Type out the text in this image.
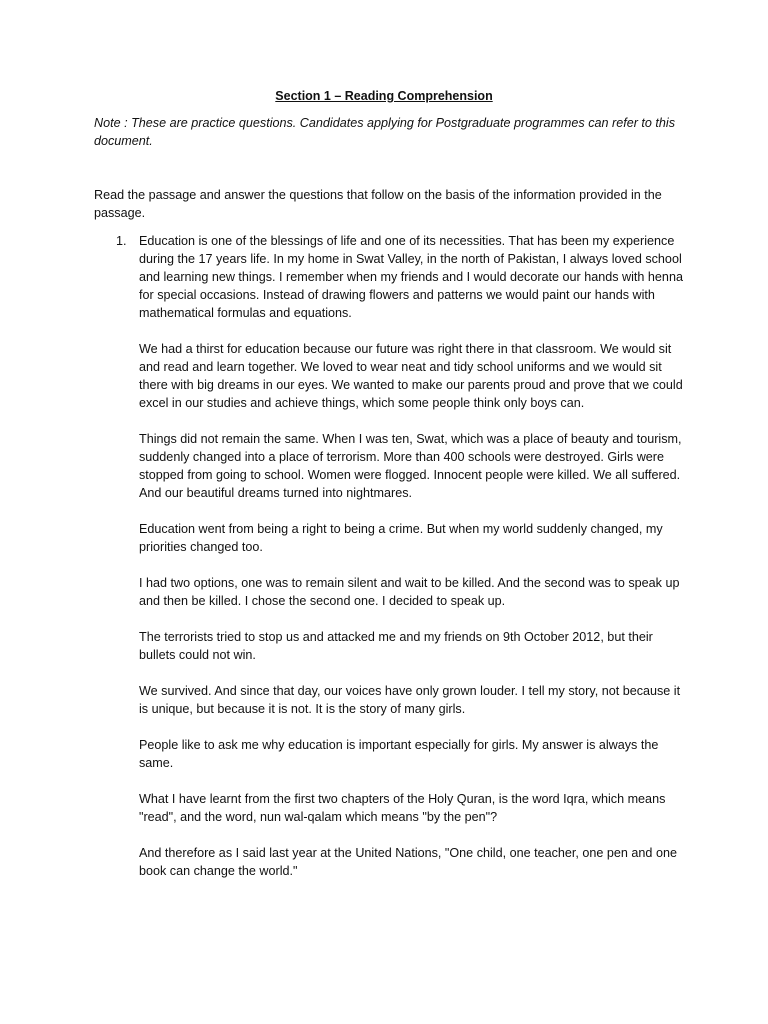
Section 1 – Reading Comprehension
Note : These are practice questions. Candidates applying for Postgraduate programmes can refer to this document.
Read the passage and answer the questions that follow on the basis of the information provided in the passage.
1. Education is one of the blessings of life and one of its necessities. That has been my experience during the 17 years life. In my home in Swat Valley, in the north of Pakistan, I always loved school and learning new things. I remember when my friends and I would decorate our hands with henna for special occasions. Instead of drawing flowers and patterns we would paint our hands with mathematical formulas and equations.

We had a thirst for education because our future was right there in that classroom. We would sit and read and learn together. We loved to wear neat and tidy school uniforms and we would sit there with big dreams in our eyes. We wanted to make our parents proud and prove that we could excel in our studies and achieve things, which some people think only boys can.

Things did not remain the same. When I was ten, Swat, which was a place of beauty and tourism, suddenly changed into a place of terrorism. More than 400 schools were destroyed. Girls were stopped from going to school. Women were flogged. Innocent people were killed. We all suffered. And our beautiful dreams turned into nightmares.

Education went from being a right to being a crime. But when my world suddenly changed, my priorities changed too.

I had two options, one was to remain silent and wait to be killed. And the second was to speak up and then be killed. I chose the second one. I decided to speak up.

The terrorists tried to stop us and attacked me and my friends on 9th October 2012, but their bullets could not win.

We survived. And since that day, our voices have only grown louder. I tell my story, not because it is unique, but because it is not. It is the story of many girls.

People like to ask me why education is important especially for girls. My answer is always the same.

What I have learnt from the first two chapters of the Holy Quran, is the word Iqra, which means "read", and the word, nun wal-qalam which means "by the pen"?

And therefore as I said last year at the United Nations, "One child, one teacher, one pen and one book can change the world."
